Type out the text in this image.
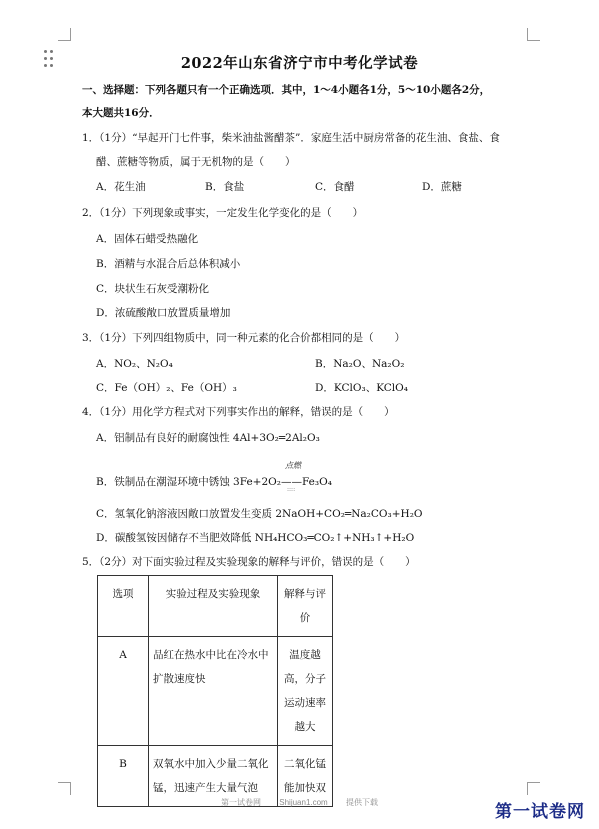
2022年山东省济宁市中考化学试卷
一、选择题：下列各题只有一个正确选项．其中，1～4小题各1分，5～10小题各2分，
本大题共16分．
1．（1分）“早起开门七件事，柴米油盐酱醋茶”．家庭生活中厨房常备的花生油、食盐、食
醋、蔗糖等物质，属于无机物的是（　　）
A．花生油	B．食盐	C．食醋	D．蔗糖
2．（1分）下列现象或事实，一定发生化学变化的是（　　）
A．固体石蜡受热融化
B．酒精与水混合后总体积减小
C．块状生石灰受潮粉化
D．浓硫酸敞口放置质量增加
3．（1分）下列四组物质中，同一种元素的化合价都相同的是（　　）
A．NO₂、N₂O₄	B．Na₂O、Na₂O₂
C．Fe（OH）₂、Fe（OH）₃	D．KClO₃、KClO₄
4．（1分）用化学方程式对下列事实作出的解释，错误的是（　　）
A．铝制品有良好的耐腐蚀性 4Al+3O₂═2Al₂O₃
点燃
B．铁制品在潮湿环境中锈蚀 3Fe+2O₂——Fe₃O₄
::::
C．氢氧化钠溶液因敞口放置发生变质 2NaOH+CO₂═Na₂CO₃+H₂O
D．碳酸氢铵因储存不当肥效降低 NH₄HCO₃═CO₂↑+NH₃↑+H₂O
5．（2分）对下面实验过程及实验现象的解释与评价，错误的是（　　）
选项	实验过程及实验现象	解释与评价
A	品红在热水中比在冷水中扩散速度快	温度越高，分子运动速率越大
B	双氧水中加入少量二氧化锰，迅速产生大量气泡	二氧化锰能加快双
第一试卷网 Shijuan1.com 提供下载	第一试卷网
